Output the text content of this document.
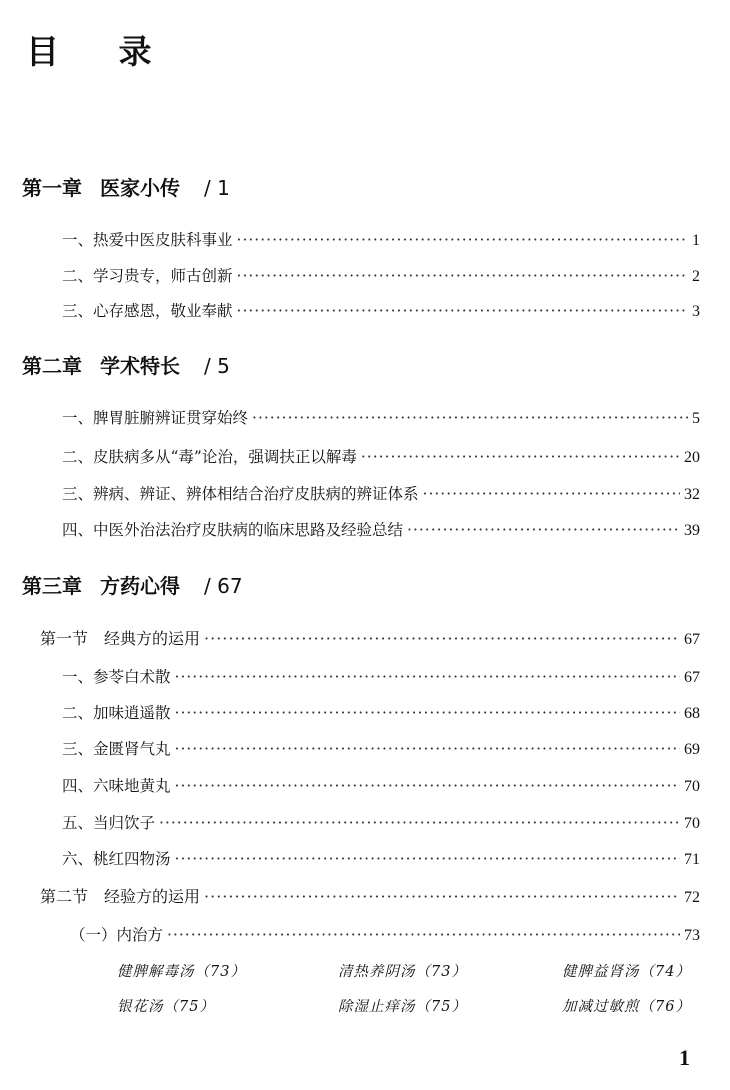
目 录
第一章 医家小传 / 1
一、热爱中医皮肤科事业 ·····	1
二、学习贵专，师古创新 ·····	2
三、心存感恩，敬业奉献 ·····	3
第二章 学术特长 / 5
一、脾胃脏腑辨证贯穿始终 ·····	5
二、皮肤病多从“毒”论治，强调扶正以解毒 ·····	20
三、辨病、辨证、辨体相结合治疗皮肤病的辨证体系 ·····	32
四、中医外治法治疗皮肤病的临床思路及经验总结 ·····	39
第三章 方药心得 / 67
第一节　经典方的运用 ·····	67
一、参苓白术散 ·····	67
二、加味逍遥散 ·····	68
三、金匮肾气丸 ·····	69
四、六味地黄丸 ·····	70
五、当归饮子 ·····	70
六、桃红四物汤 ·····	71
第二节　经验方的运用 ·····	72
（一）内治方 ·····	73
健脾解毒汤（73）	清热养阴汤（73）	健脾益肾汤（74）
银花汤（75）	除湿止痒汤（75）	加减过敏煎（76）
1
